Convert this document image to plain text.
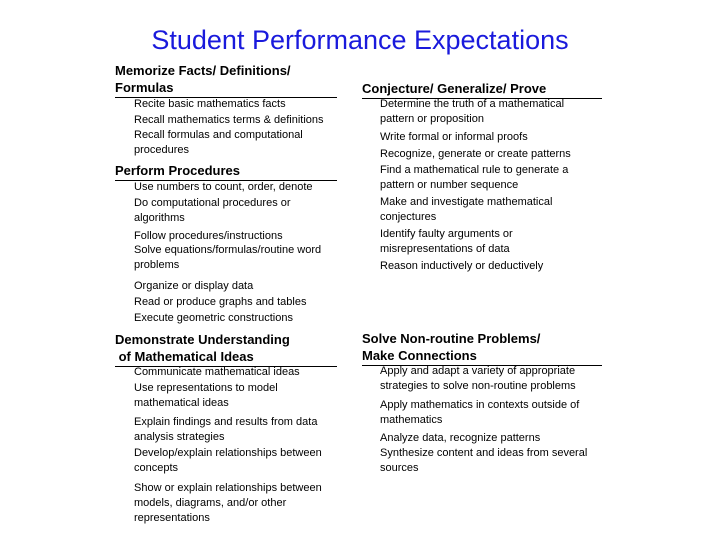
Student Performance Expectations
Memorize Facts/ Definitions/
Formulas
Recite basic mathematics facts
Recall mathematics terms & definitions
Recall formulas and computational
procedures
Perform Procedures
Use numbers to count, order, denote
Do computational procedures or
algorithms
Follow procedures/instructions
Solve equations/formulas/routine word
problems
Organize or display data
Read or produce graphs and tables
Execute geometric constructions
Demonstrate Understanding
of Mathematical Ideas
Communicate mathematical ideas
Use representations to model
mathematical ideas
Explain findings and results from data
analysis strategies
Develop/explain relationships between
concepts
Show or explain relationships between
models, diagrams, and/or other
representations
Conjecture/ Generalize/ Prove
Determine the truth of a mathematical
pattern or proposition
Write formal or informal proofs
Recognize, generate or create patterns
Find a mathematical rule to generate a
pattern or number sequence
Make and investigate mathematical
conjectures
Identify faulty arguments or
misrepresentations of data
Reason inductively or deductively
Solve Non-routine Problems/
Make Connections
Apply and adapt a variety of appropriate
strategies to solve non-routine problems
Apply mathematics in contexts outside of
mathematics
Analyze data, recognize patterns
Synthesize content and ideas from several
sources
